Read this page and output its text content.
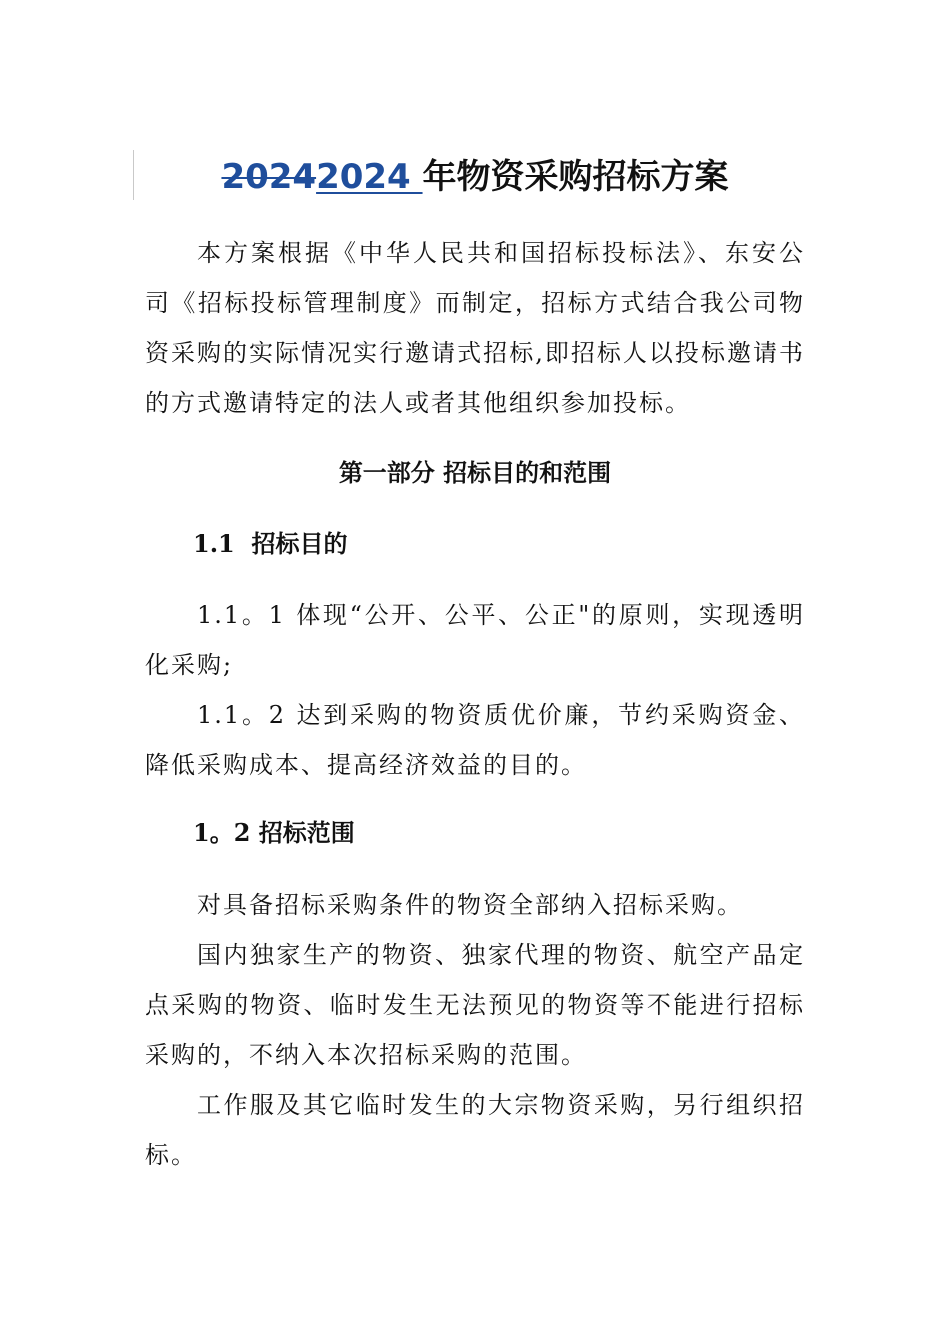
20242024 年物资采购招标方案

本方案根据《中华人民共和国招标投标法》、东安公司《招标投标管理制度》而制定，招标方式结合我公司物资采购的实际情况实行邀请式招标,即招标人以投标邀请书的方式邀请特定的法人或者其他组织参加投标。

第一部分 招标目的和范围
1.1 招标目的

1.1。1 体现“公开、公平、公正"的原则，实现透明化采购;

1.1。2 达到采购的物资质优价廉，节约采购资金、降低采购成本、提高经济效益的目的。

1。2 招标范围

对具备招标采购条件的物资全部纳入招标采购。

国内独家生产的物资、独家代理的物资、航空产品定点采购的物资、临时发生无法预见的物资等不能进行招标采购的，不纳入本次招标采购的范围。

工作服及其它临时发生的大宗物资采购，另行组织招标。
